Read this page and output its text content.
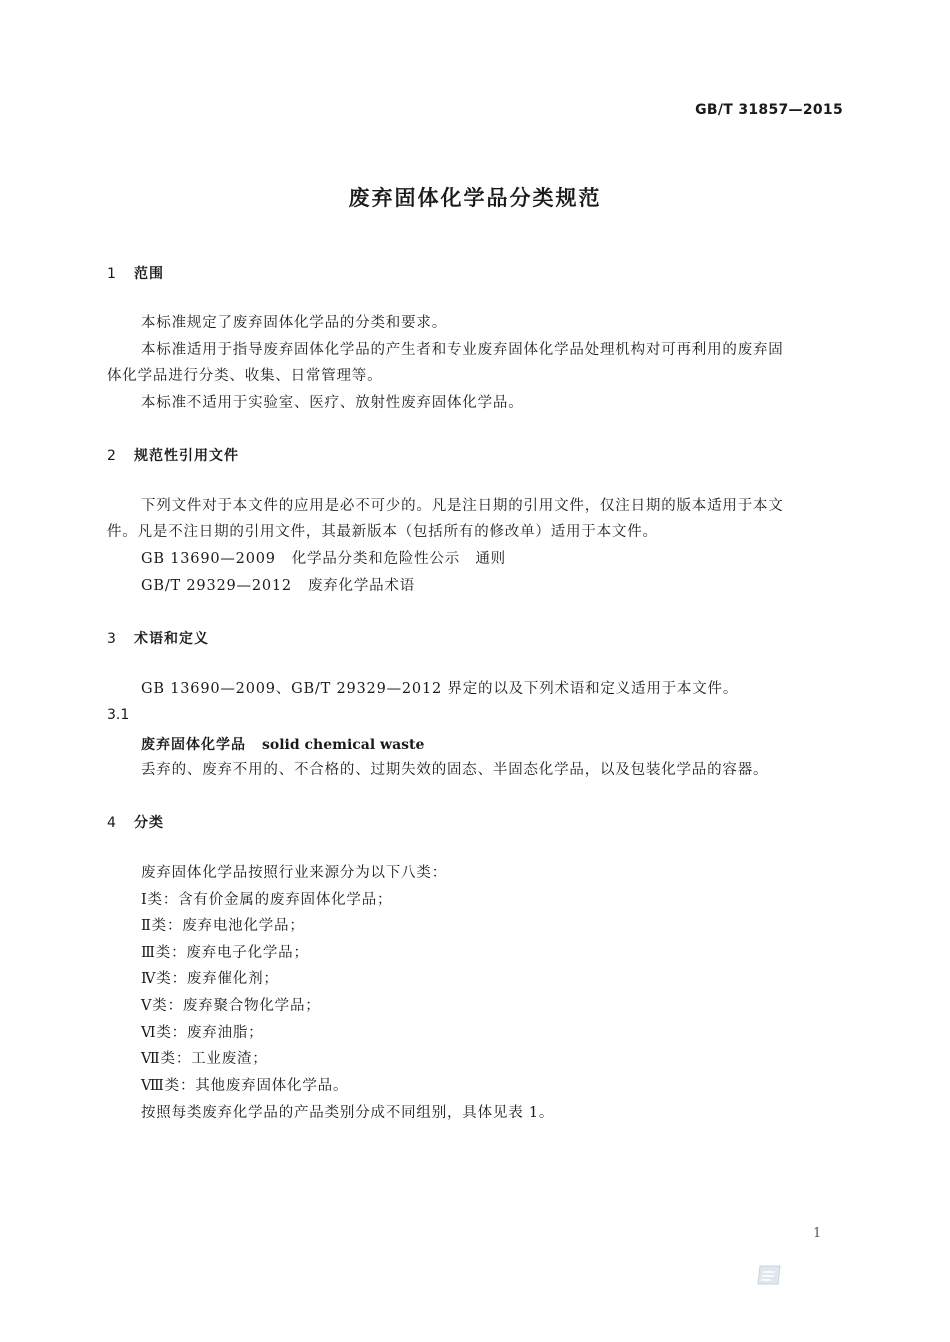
GB/T 31857—2015
废弃固体化学品分类规范
1 范围
本标准规定了废弃固体化学品的分类和要求。
本标准适用于指导废弃固体化学品的产生者和专业废弃固体化学品处理机构对可再利用的废弃固
体化学品进行分类、收集、日常管理等。
本标准不适用于实验室、医疗、放射性废弃固体化学品。
2 规范性引用文件
下列文件对于本文件的应用是必不可少的。凡是注日期的引用文件，仅注日期的版本适用于本文
件。凡是不注日期的引用文件，其最新版本（包括所有的修改单）适用于本文件。
GB 13690—2009 化学品分类和危险性公示　通则
GB/T 29329—2012 废弃化学品术语
3 术语和定义
GB 13690—2009、GB/T 29329—2012 界定的以及下列术语和定义适用于本文件。
3.1
废弃固体化学品 solid chemical waste
丢弃的、废弃不用的、不合格的、过期失效的固态、半固态化学品，以及包装化学品的容器。
4 分类
废弃固体化学品按照行业来源分为以下八类：
Ⅰ类：含有价金属的废弃固体化学品；
Ⅱ类：废弃电池化学品；
Ⅲ类：废弃电子化学品；
Ⅳ类：废弃催化剂；
Ⅴ类：废弃聚合物化学品；
Ⅵ类：废弃油脂；
Ⅶ类：工业废渣；
Ⅷ类：其他废弃固体化学品。
按照每类废弃化学品的产品类别分成不同组别，具体见表 1。
1
